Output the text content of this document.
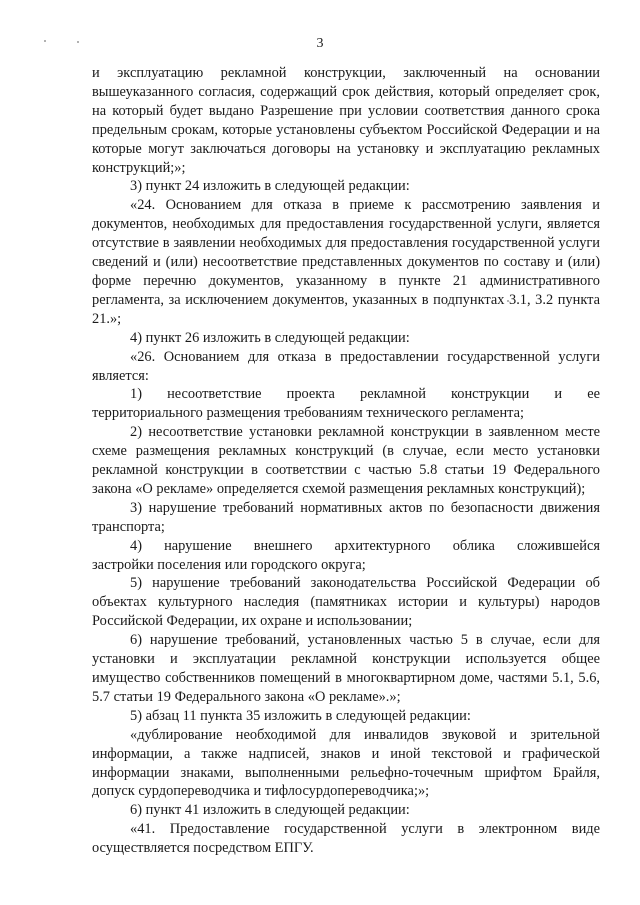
3

и эксплуатацию рекламной конструкции, заключенный на основании вышеуказанного согласия, содержащий срок действия, который определяет срок, на который будет выдано Разрешение при условии соответствия данного срока предельным срокам, которые установлены субъектом Российской Федерации и на которые могут заключаться договоры на установку и эксплуатацию рекламных конструкций;»;

3) пункт 24 изложить в следующей редакции:

«24. Основанием для отказа в приеме к рассмотрению заявления и документов, необходимых для предоставления государственной услуги, является отсутствие в заявлении необходимых для предоставления государственной услуги сведений и (или) несоответствие представленных документов по составу и (или) форме перечню документов, указанному в пункте 21 административного регламента, за исключением документов, указанных в подпунктах 3.1, 3.2 пункта 21.»;

4) пункт 26 изложить в следующей редакции:

«26. Основанием для отказа в предоставлении государственной услуги является:

1) несоответствие проекта рекламной конструкции и ее

территориального размещения требованиям технического регламента;

2) несоответствие установки рекламной конструкции в заявленном месте схеме размещения рекламных конструкций (в случае, если место установки рекламной конструкции в соответствии с частью 5.8 статьи 19 Федерального закона «О рекламе» определяется схемой размещения рекламных конструкций);

3) нарушение требований нормативных актов по безопасности движения транспорта;

4) нарушение внешнего архитектурного облика сложившейся

застройки поселения или городского округа;

5) нарушение требований законодательства Российской Федерации об объектах культурного наследия (памятниках истории и культуры) народов Российской Федерации, их охране и использовании;

6) нарушение требований, установленных частью 5 в случае, если для установки и эксплуатации рекламной конструкции используется общее имущество собственников помещений в многоквартирном доме, частями 5.1, 5.6, 5.7 статьи 19 Федерального закона «О рекламе».»;

5) абзац 11 пункта 35 изложить в следующей редакции:

«дублирование необходимой для инвалидов звуковой и зрительной информации, а также надписей, знаков и иной текстовой и графической информации знаками, выполненными рельефно-точечным шрифтом Брайля, допуск сурдопереводчика и тифлосурдопереводчика;»;

6) пункт 41 изложить в следующей редакции:

«41. Предоставление государственной услуги в электронном виде осуществляется посредством ЕПГУ.
